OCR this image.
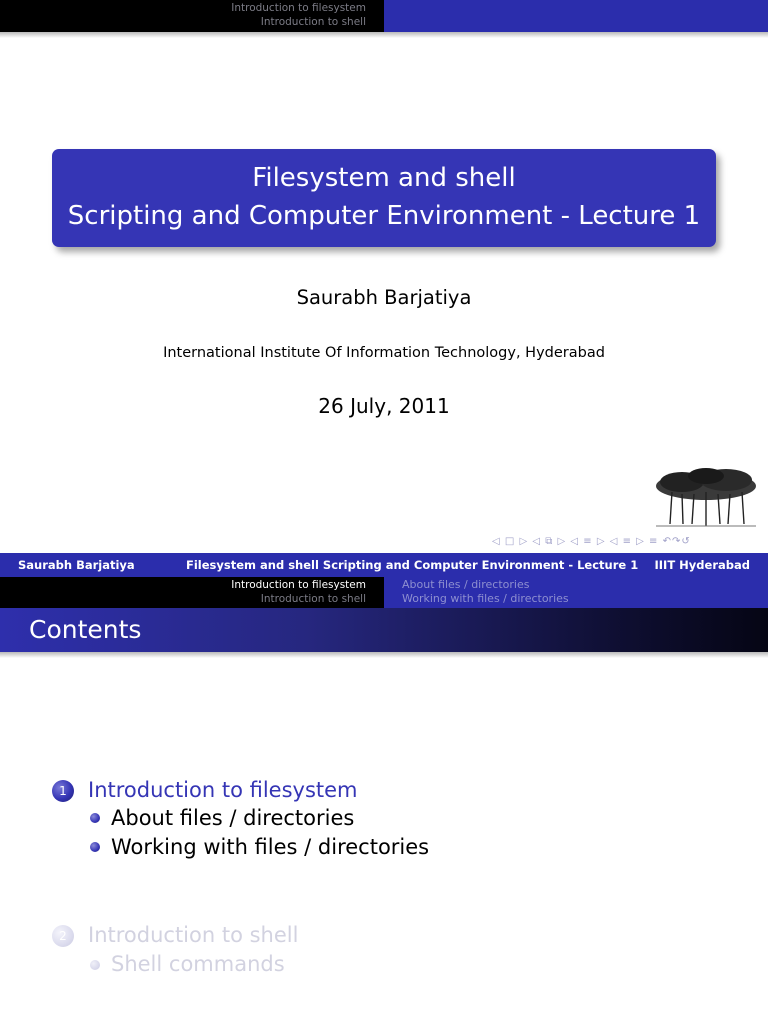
Introduction to filesystem
Introduction to shell
Filesystem and shell
Scripting and Computer Environment - Lecture 1
Saurabh Barjatiya
International Institute Of Information Technology, Hyderabad
26 July, 2011
◁ □ ▷ ◁ ⧉ ▷ ◁ ≡ ▷ ◁ ≡ ▷ ≡ ↶↷↺
Saurabh Barjatiya	Filesystem and shell Scripting and Computer Environment - Lecture 1 IIIT Hyderabad
Introduction to filesystem
Introduction to shell
About files / directories
Working with files / directories
Contents
1	Introduction to filesystem
About files / directories
Working with files / directories
2	Introduction to shell
Shell commands
